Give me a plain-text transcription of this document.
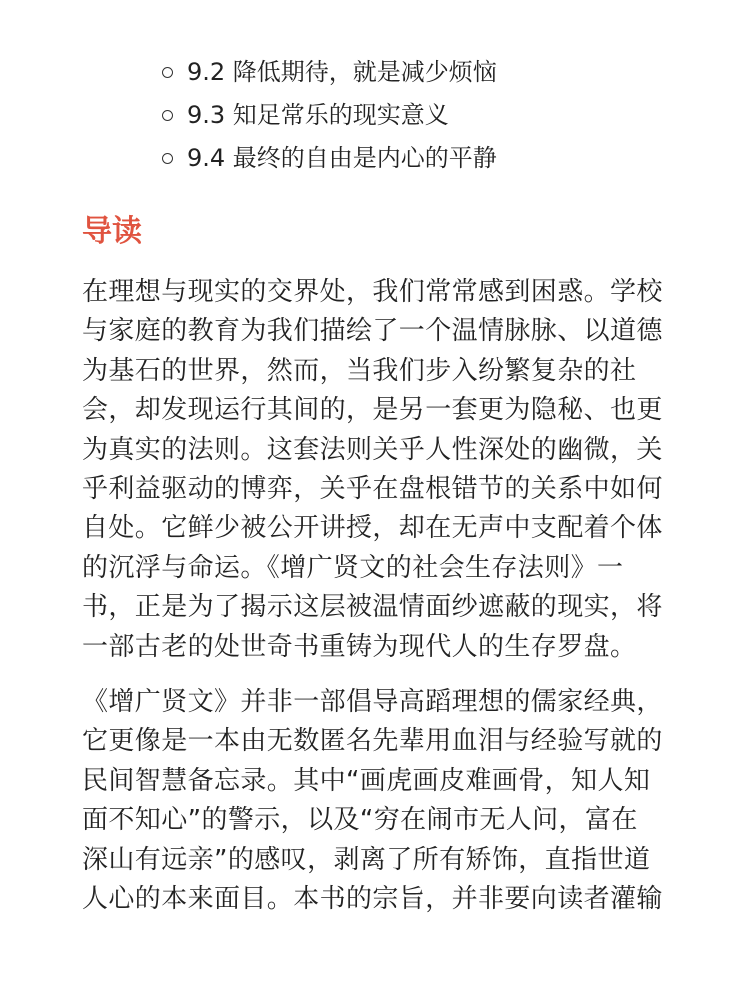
9.2 降低期待，就是减少烦恼
9.3 知足常乐的现实意义
9.4 最终的自由是内心的平静
导读
在理想与现实的交界处，我们常常感到困惑。学校
与家庭的教育为我们描绘了一个温情脉脉、以道德
为基石的世界，然而，当我们步入纷繁复杂的社
会，却发现运行其间的，是另一套更为隐秘、也更
为真实的法则。这套法则关乎人性深处的幽微，关
乎利益驱动的博弈，关乎在盘根错节的关系中如何
自处。它鲜少被公开讲授，却在无声中支配着个体
的沉浮与命运。《增广贤文的社会生存法则》一
书，正是为了揭示这层被温情面纱遮蔽的现实，将
一部古老的处世奇书重铸为现代人的生存罗盘。
《增广贤文》并非一部倡导高蹈理想的儒家经典，
它更像是一本由无数匿名先辈用血泪与经验写就的
民间智慧备忘录。其中“画虎画皮难画骨，知人知
面不知心”的警示，以及“穷在闹市无人问，富在
深山有远亲”的感叹，剥离了所有矫饰，直指世道
人心的本来面目。本书的宗旨，并非要向读者灌输
